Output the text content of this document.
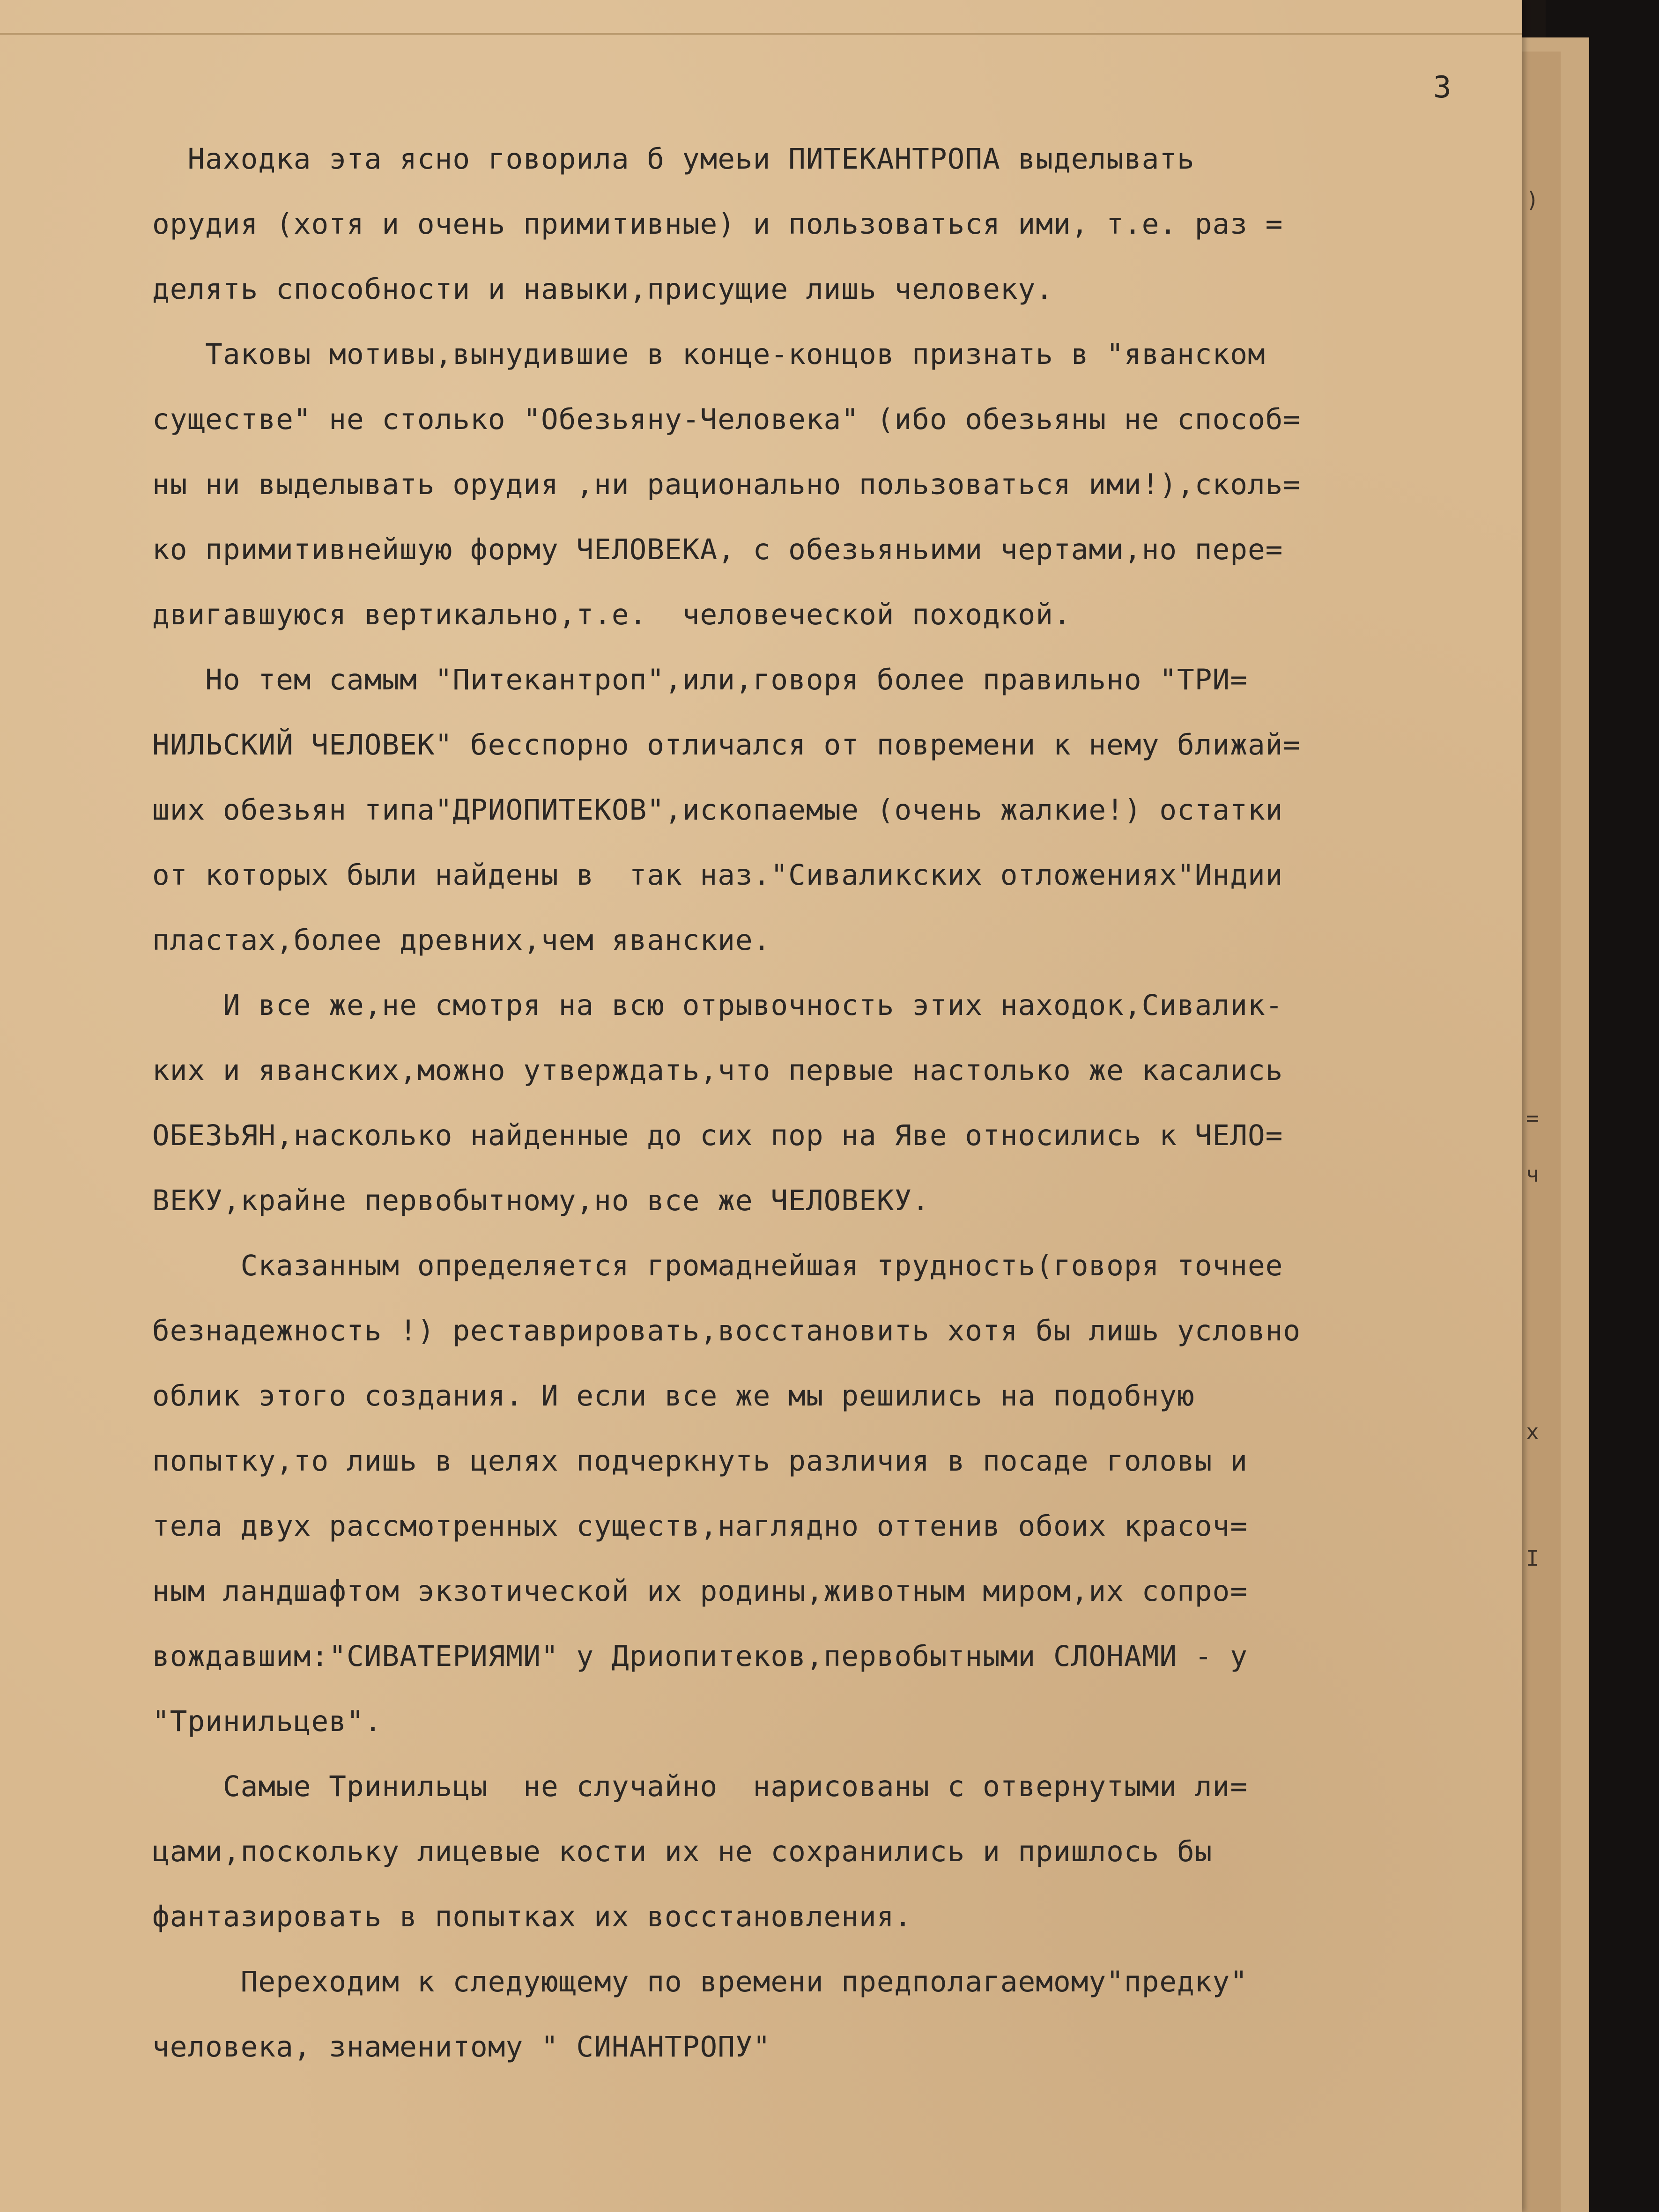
3
Находка эта ясно говорила б умеьи ПИТЕКАНТРОПА выделывать
орудия (хотя и очень примитивные) и пользоваться ими, т.е. раз =
делять способности и навыки,присущие лишь человеку.
Таковы мотивы,вынудившие в конце-концов признать в "яванском
существе" не столько "Обезьяну-Человека" (ибо обезьяны не способ=
ны ни выделывать орудия ,ни рационально пользоваться ими!),сколь=
ко примитивнейшую форму ЧЕЛОВЕКА, с обезьяньими чертами,но пере=
двигавшуюся вертикально,т.е.  человеческой походкой.
Но тем самым "Питекантроп",или,говоря более правильно "ТРИ=
НИЛЬСКИЙ ЧЕЛОВЕК" бесспорно отличался от повремени к нему ближай=
ших обезьян типа"ДРИОПИТЕКОВ",ископаемые (очень жалкие!) остатки
от которых были найдены в  так наз."Сиваликских отложениях"Индии
пластах,более древних,чем яванские.
И все же,не смотря на всю отрывочность этих находок,Сивалик-
ких и яванских,можно утверждать,что первые настолько же касались
ОБЕЗЬЯН,насколько найденные до сих пор на Яве относились к ЧЕЛО=
ВЕКУ,крайне первобытному,но все же ЧЕЛОВЕКУ.
Сказанным определяется громаднейшая трудность(говоря точнее
безнадежность !) реставрировать,восстановить хотя бы лишь условно
облик этого создания. И если все же мы решились на подобную
попытку,то лишь в целях подчеркнуть различия в посаде головы и
тела двух рассмотренных существ,наглядно оттенив обоих красоч=
ным ландшафтом экзотической их родины,животным миром,их сопро=
вождавшим:"СИВАТЕРИЯМИ" у Дриопитеков,первобытными СЛОНАМИ - у
"Тринильцев".
Самые Тринильцы  не случайно  нарисованы с отвернутыми ли=
цами,поскольку лицевые кости их не сохранились и пришлось бы
фантазировать в попытках их восстановления.
Переходим к следующему по времени предполагаемому"предку"
человека, знаменитому " СИНАНТРОПУ"
)
=
ч
х
I
